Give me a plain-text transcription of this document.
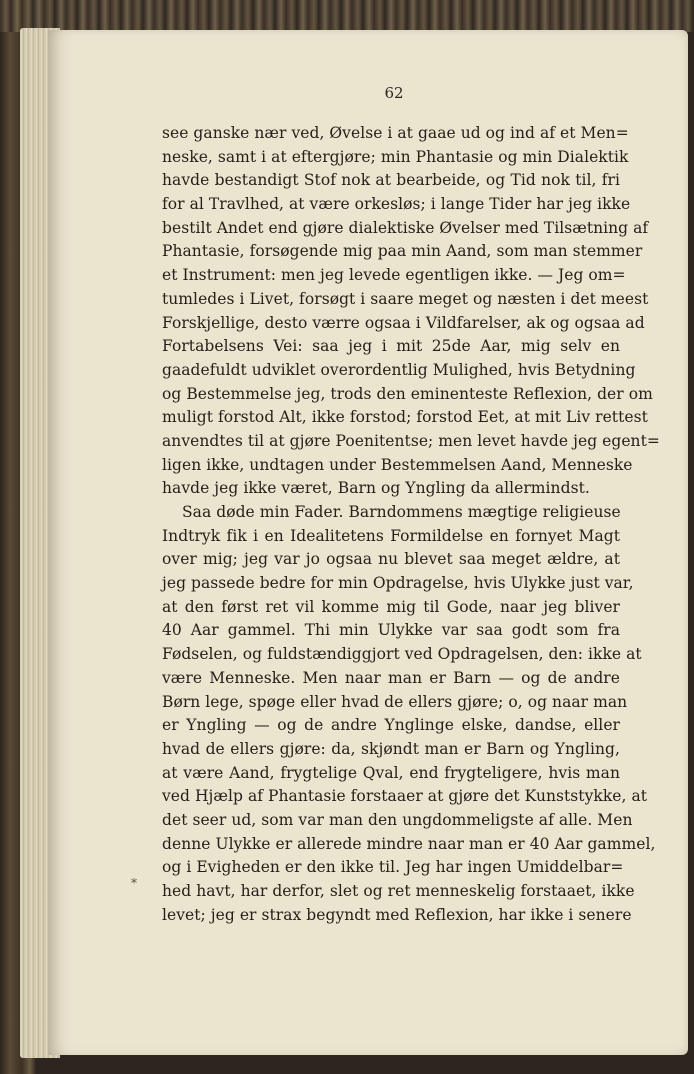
62
see ganske nær ved, Øvelse i at gaae ud og ind af et Men=
neske, samt i at eftergjøre; min Phantasie og min Dialektik
havde bestandigt Stof nok at bearbeide, og Tid nok til, fri
for al Travlhed, at være orkesløs; i lange Tider har jeg ikke
bestilt Andet end gjøre dialektiske Øvelser med Tilsætning af
Phantasie, forsøgende mig paa min Aand, som man stemmer
et Instrument: men jeg levede egentligen ikke. — Jeg om=
tumledes i Livet, forsøgt i saare meget og næsten i det meest
Forskjellige, desto værre ogsaa i Vildfarelser, ak og ogsaa ad
Fortabelsens Vei: saa jeg i mit 25de Aar, mig selv en
gaadefuldt udviklet overordentlig Mulighed, hvis Betydning
og Bestemmelse jeg, trods den eminenteste Reflexion, der om
muligt forstod Alt, ikke forstod; forstod Eet, at mit Liv rettest
anvendtes til at gjøre Poenitentse; men levet havde jeg egent=
ligen ikke, undtagen under Bestemmelsen Aand, Menneske
havde jeg ikke været, Barn og Yngling da allermindst.
Saa døde min Fader. Barndommens mægtige religieuse
Indtryk fik i en Idealitetens Formildelse en fornyet Magt
over mig; jeg var jo ogsaa nu blevet saa meget ældre, at
jeg passede bedre for min Opdragelse, hvis Ulykke just var,
at den først ret vil komme mig til Gode, naar jeg bliver
40 Aar gammel. Thi min Ulykke var saa godt som fra
Fødselen, og fuldstændiggjort ved Opdragelsen, den: ikke at
være Menneske. Men naar man er Barn — og de andre
Børn lege, spøge eller hvad de ellers gjøre; o, og naar man
er Yngling — og de andre Ynglinge elske, dandse, eller
hvad de ellers gjøre: da, skjøndt man er Barn og Yngling,
at være Aand, frygtelige Qval, end frygteligere, hvis man
ved Hjælp af Phantasie forstaaer at gjøre det Kunststykke, at
det seer ud, som var man den ungdommeligste af alle. Men
denne Ulykke er allerede mindre naar man er 40 Aar gammel,
og i Evigheden er den ikke til. Jeg har ingen Umiddelbar=
hed havt, har derfor, slet og ret menneskelig forstaaet, ikke
levet; jeg er strax begyndt med Reflexion, har ikke i senere
*
